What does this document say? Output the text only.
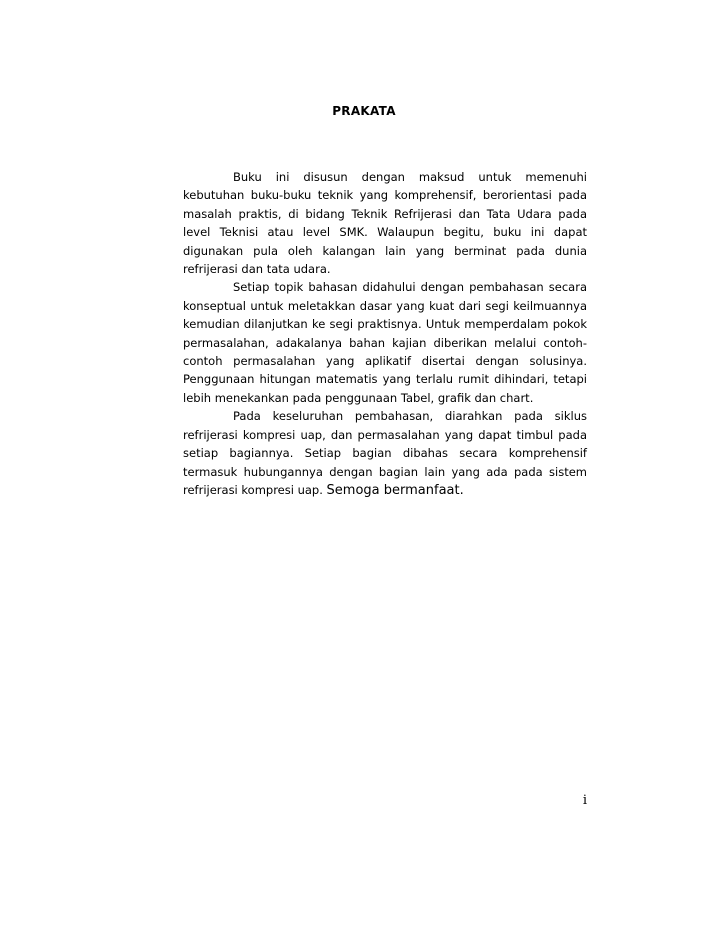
PRAKATA

Buku ini disusun dengan maksud untuk memenuhi kebutuhan buku-buku teknik yang komprehensif, berorientasi pada masalah praktis, di bidang Teknik Refrijerasi dan Tata Udara pada level Teknisi atau level SMK. Walaupun begitu, buku ini dapat digunakan pula oleh kalangan lain yang berminat pada dunia refrijerasi dan tata udara.

Setiap topik bahasan didahului dengan pembahasan secara konseptual untuk meletakkan dasar yang kuat dari segi keilmuannya kemudian dilanjutkan ke segi praktisnya. Untuk memperdalam pokok permasalahan, adakalanya bahan kajian diberikan melalui contoh-contoh permasalahan yang aplikatif disertai dengan solusinya. Penggunaan hitungan matematis yang terlalu rumit dihindari, tetapi lebih menekankan pada penggunaan Tabel, grafik dan chart.

Pada keseluruhan pembahasan, diarahkan pada siklus refrijerasi kompresi uap, dan permasalahan yang dapat timbul pada setiap bagiannya. Setiap bagian dibahas secara komprehensif termasuk hubungannya dengan bagian lain yang ada pada sistem refrijerasi kompresi uap. Semoga bermanfaat.

i
